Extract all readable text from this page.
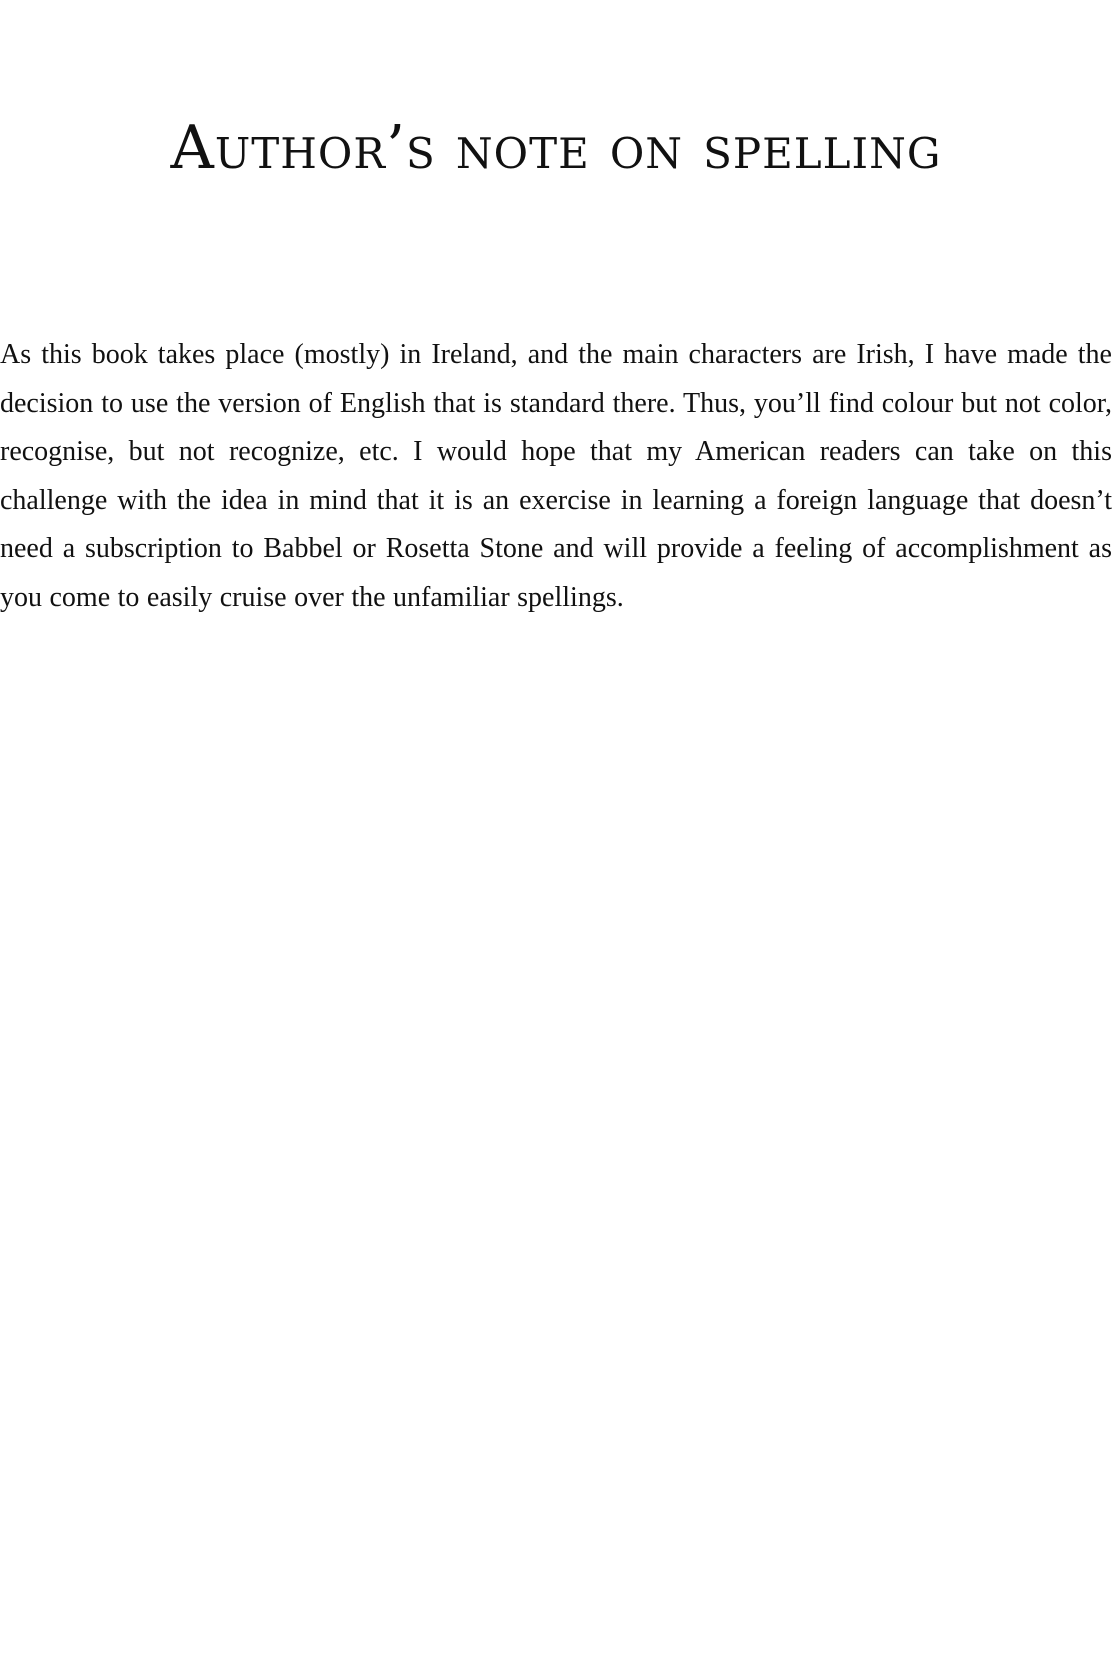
Author’s note on spelling

As this book takes place (mostly) in Ireland, and the main characters are Irish, I have made the decision to use the version of English that is standard there. Thus, you’ll find colour but not color, recognise, but not recognize, etc. I would hope that my American readers can take on this challenge with the idea in mind that it is an exercise in learning a foreign language that doesn’t need a subscription to Babbel or Rosetta Stone and will provide a feeling of accomplishment as you come to easily cruise over the unfamiliar spellings.
